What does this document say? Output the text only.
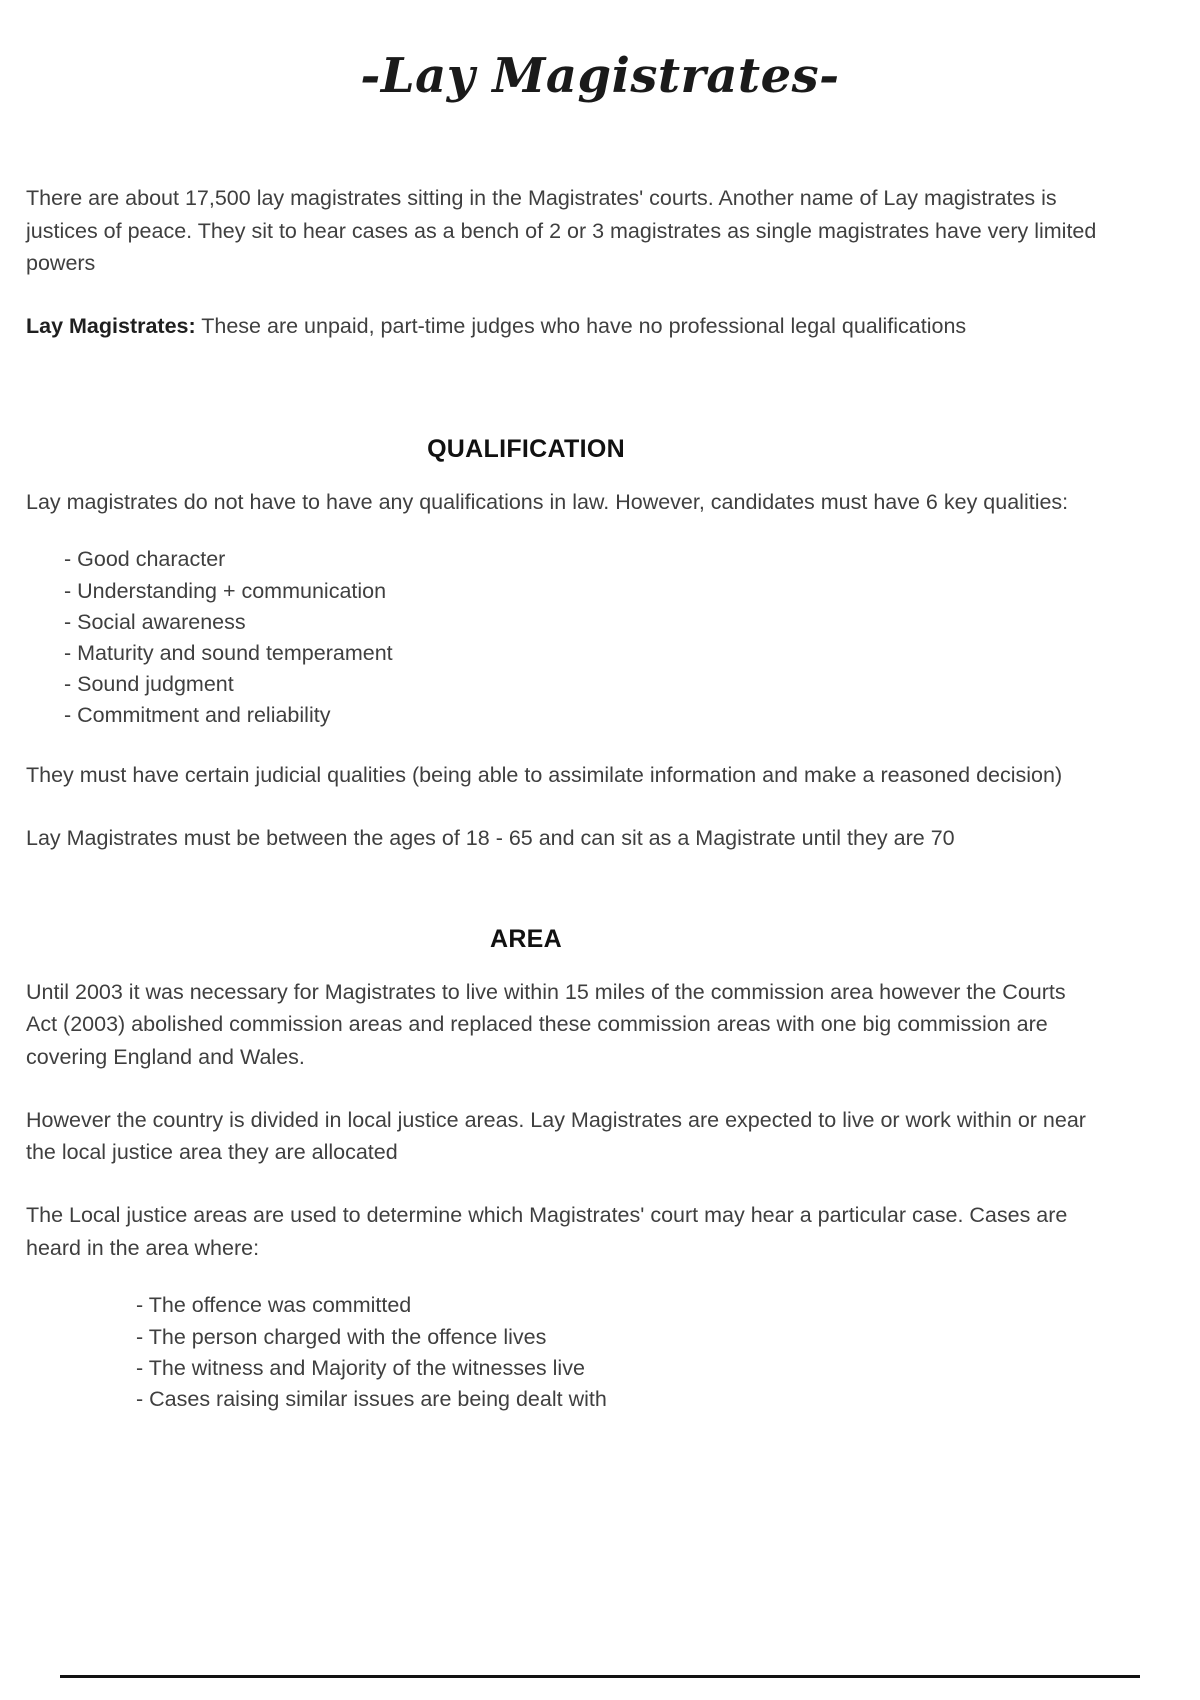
-Lay Magistrates-

There are about 17,500 lay magistrates sitting in the Magistrates' courts. Another name of Lay magistrates is justices of peace. They sit to hear cases as a bench of 2 or 3 magistrates as single magistrates have very limited powers

Lay Magistrates: These are unpaid, part-time judges who have no professional legal qualifications

QUALIFICATION

Lay magistrates do not have to have any qualifications in law. However, candidates must have 6 key qualities:

- Good character
- Understanding + communication
- Social awareness
- Maturity and sound temperament
- Sound judgment
- Commitment and reliability

They must have certain judicial qualities (being able to assimilate information and make a reasoned decision)

Lay Magistrates must be between the ages of 18 - 65 and can sit as a Magistrate until they are 70

AREA

Until 2003 it was necessary for Magistrates to live within 15 miles of the commission area however the Courts Act (2003) abolished commission areas and replaced these commission areas with one big commission are covering England and Wales.

However the country is divided in local justice areas. Lay Magistrates are expected to live or work within or near the local justice area they are allocated

The Local justice areas are used to determine which Magistrates' court may hear a particular case. Cases are heard in the area where:

- The offence was committed
- The person charged with the offence lives
- The witness and Majority of the witnesses live
- Cases raising similar issues are being dealt with
